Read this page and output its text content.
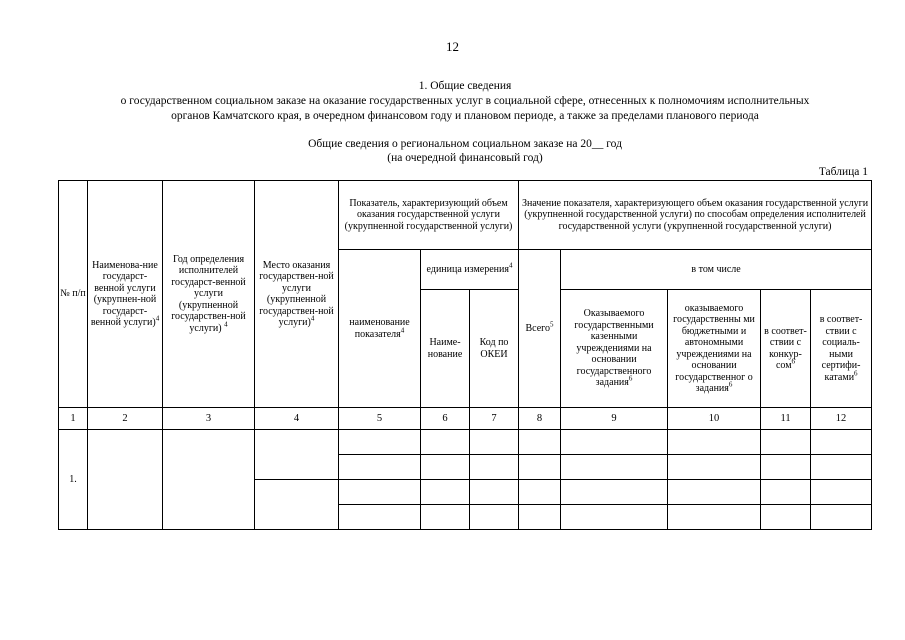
12
1. Общие сведения
о государственном социальном заказе на оказание государственных услуг в социальной сфере, отнесенных к полномочиям исполнительных
органов Камчатского края, в очередном финансовом году и плановом периоде, а также за пределами планового периода
Общие сведения о региональном социальном заказе на 20__ год
(на очередной финансовый год)
Таблица 1
№ п/п	Наименова-ние государст-венной услуги (укрупнен-ной государст-венной услуги)$^4$	Год определения исполнителей государст-венной услуги (укрупненной государствен-ной услуги) $^4$	Место оказания государствен-ной услуги (укрупненной государствен-ной услуги)$^4$	Показатель, характеризующий объем оказания государственной услуги (укрупненной государственной услуги)			Значение показателя, характеризующего объем оказания государственной услуги (укрупненной государственной услуги) по способам определения исполнителей государственной услуги (укрупненной государственной услуги)				
				наименование показателя$^4$	единица измерения$^4$		Всего$^5$	в том числе			
					Наиме-нование	Код по ОКЕИ		Оказываемого государственными казенными учреждениями на основании государственного задания$^6$	оказываемого государственны ми бюджетными и автономными учреждениями на основании государственног о задания$^6$	в соответ-ствии с конкур-сом$^6$	в соответ-ствии с социаль-ными сертифи-катами$^6$
1	2	3	4	5	6	7	8	9	10	11	12
1.											
